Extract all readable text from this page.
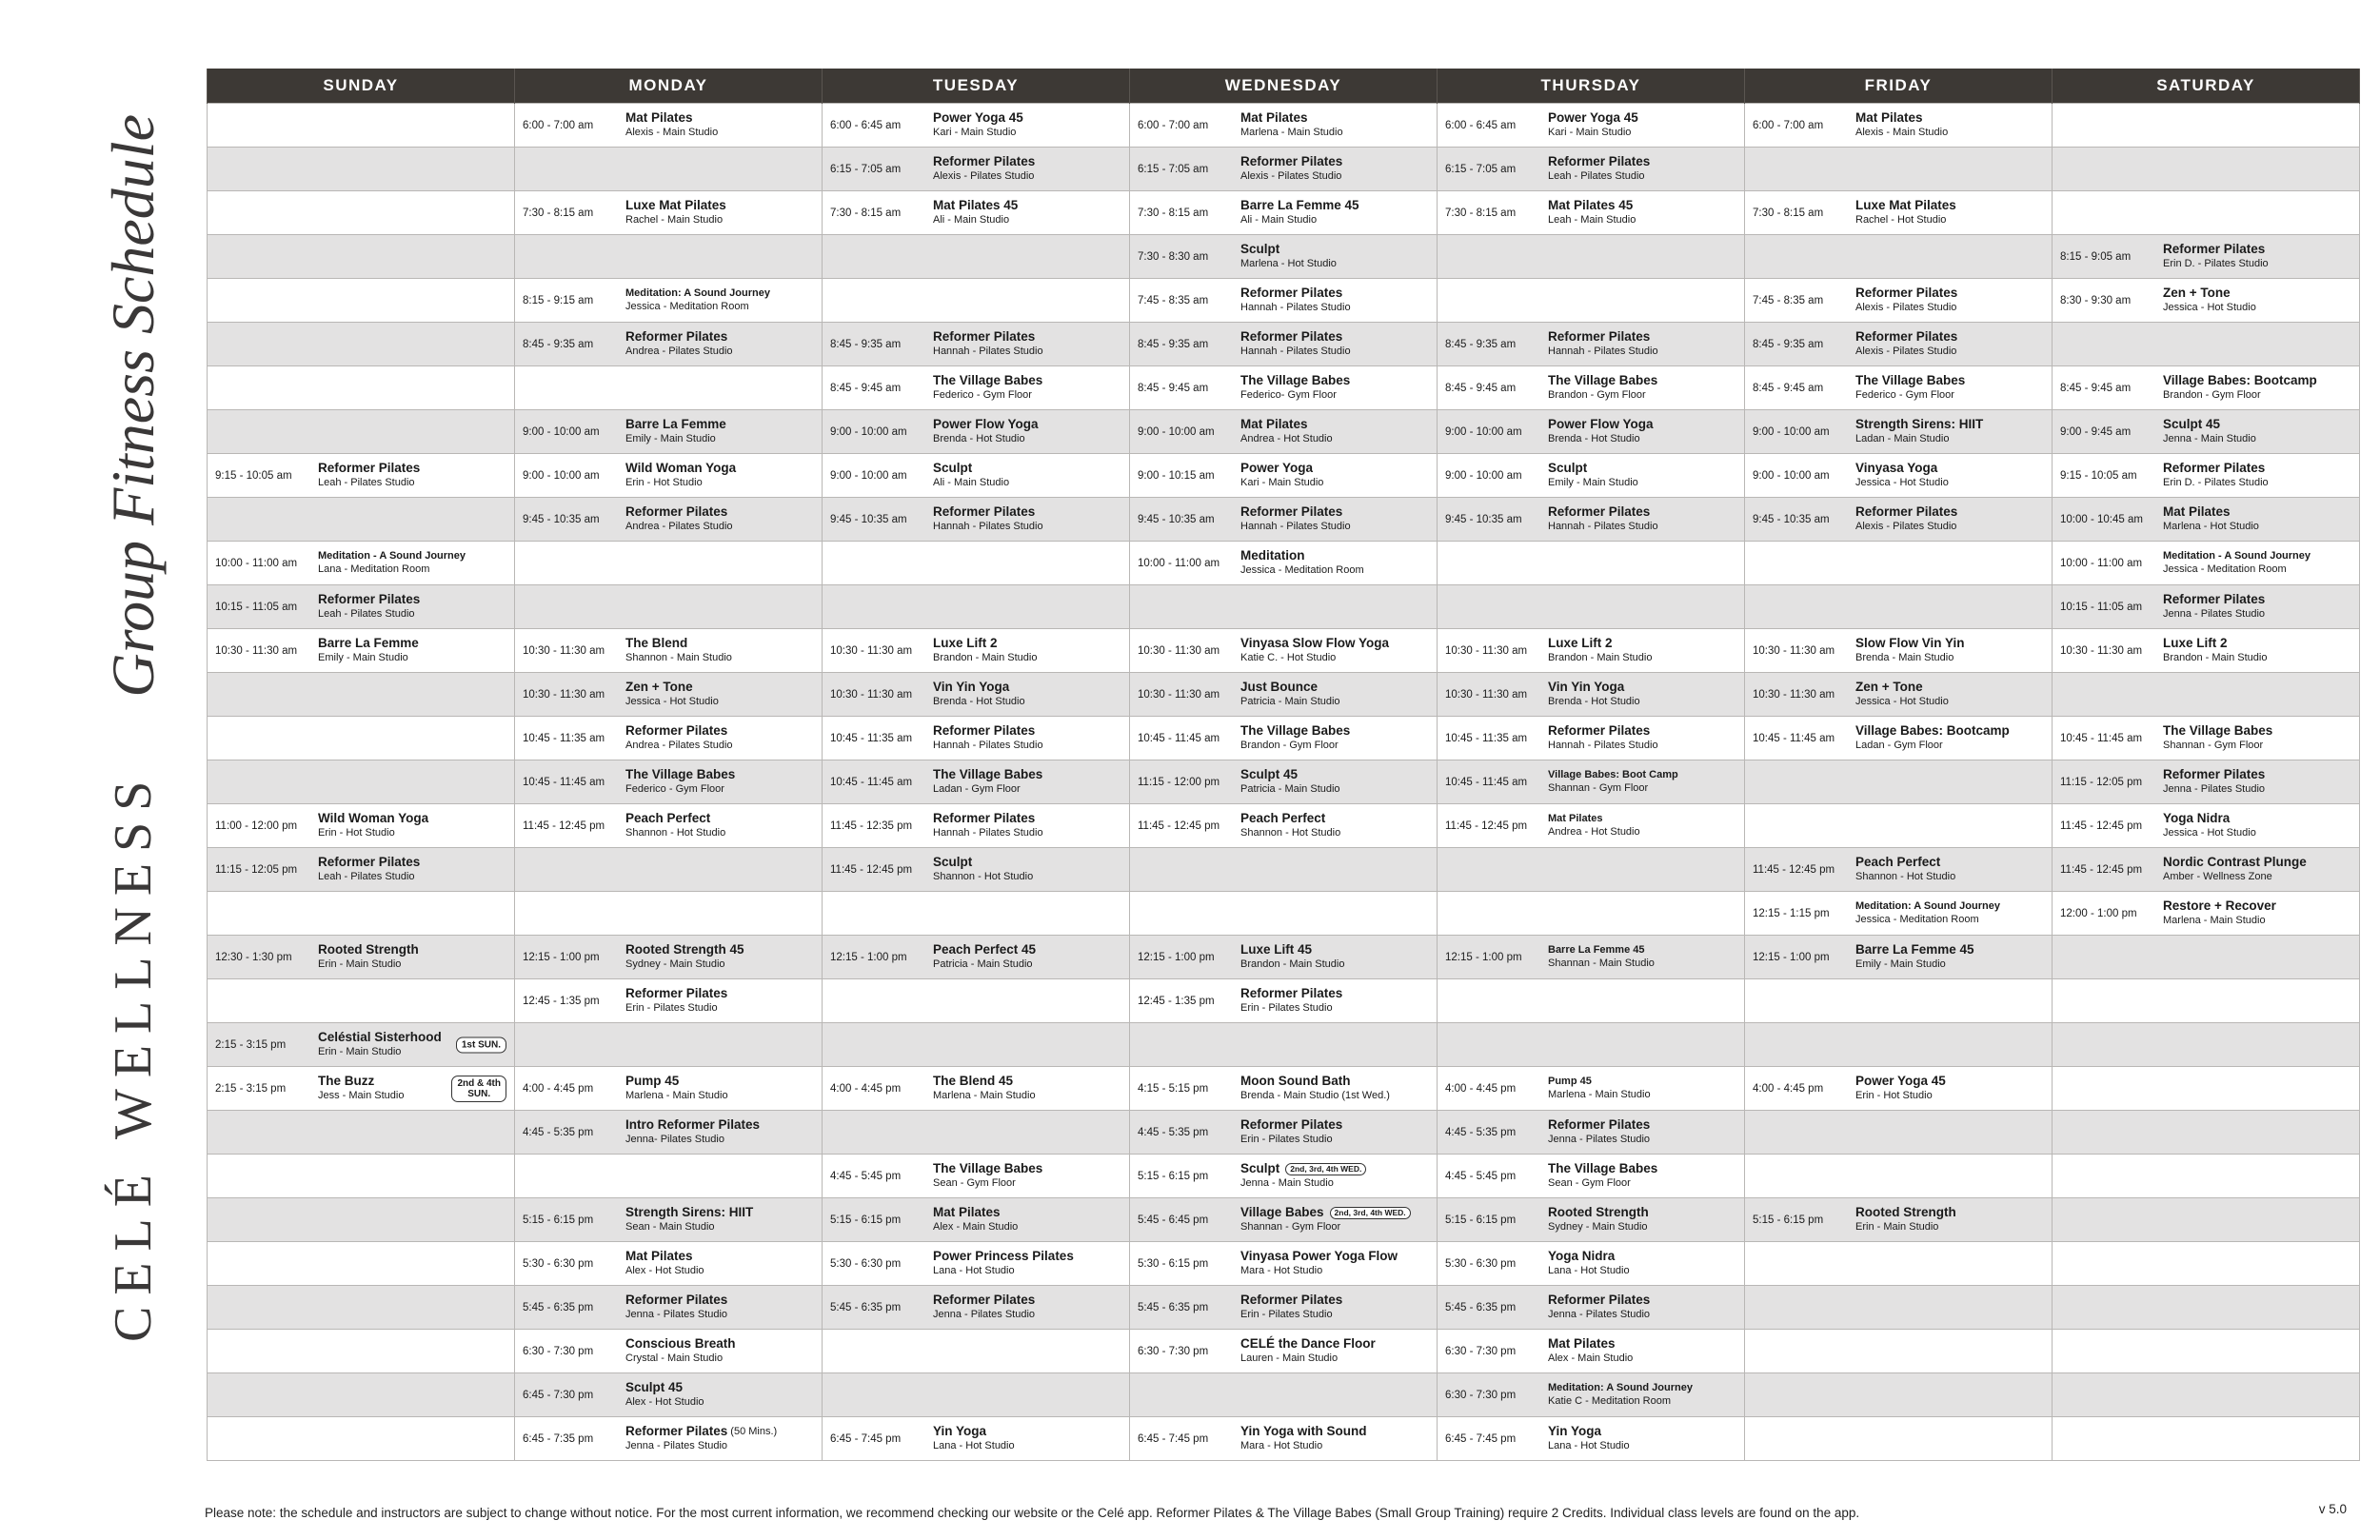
CELÉ WELLNESS
Group Fitness Schedule
SUNDAY	MONDAY	TUESDAY	WEDNESDAY	THURSDAY	FRIDAY	SATURDAY

	6:00 - 7:00 am
Mat Pilates
Alexis - Main Studio	6:00 - 6:45 am
Power Yoga 45
Kari - Main Studio	6:00 - 7:00 am
Mat Pilates
Marlena - Main Studio	6:00 - 6:45 am
Power Yoga 45
Kari - Main Studio	6:00 - 7:00 am
Mat Pilates
Alexis - Main Studio	

		6:15 - 7:05 am
Reformer Pilates
Alexis - Pilates Studio	6:15 - 7:05 am
Reformer Pilates
Alexis - Pilates Studio	6:15 - 7:05 am
Reformer Pilates
Leah - Pilates Studio		

	7:30 - 8:15 am
Luxe Mat Pilates
Rachel - Main Studio	7:30 - 8:15 am
Mat Pilates 45
Ali - Main Studio	7:30 - 8:15 am
Barre La Femme 45
Ali - Main Studio	7:30 - 8:15 am
Mat Pilates 45
Leah - Main Studio	7:30 - 8:15 am
Luxe Mat Pilates
Rachel - Hot Studio	

			7:30 - 8:30 am
Sculpt
Marlena - Hot Studio			8:15 - 9:05 am
Reformer Pilates
Erin D. - Pilates Studio

	8:15 - 9:15 am
Meditation: A Sound Journey
Jessica - Meditation Room		7:45 - 8:35 am
Reformer Pilates
Hannah - Pilates Studio		7:45 - 8:35 am
Reformer Pilates
Alexis - Pilates Studio	8:30 - 9:30 am
Zen + Tone
Jessica - Hot Studio

	8:45 - 9:35 am
Reformer Pilates
Andrea - Pilates Studio	8:45 - 9:35 am
Reformer Pilates
Hannah - Pilates Studio	8:45 - 9:35 am
Reformer Pilates
Hannah - Pilates Studio	8:45 - 9:35 am
Reformer Pilates
Hannah - Pilates Studio	8:45 - 9:35 am
Reformer Pilates
Alexis - Pilates Studio	

		8:45 - 9:45 am
The Village Babes
Federico - Gym Floor	8:45 - 9:45 am
The Village Babes
Federico- Gym Floor	8:45 - 9:45 am
The Village Babes
Brandon - Gym Floor	8:45 - 9:45 am
The Village Babes
Federico - Gym Floor	8:45 - 9:45 am
Village Babes: Bootcamp
Brandon - Gym Floor

	9:00 - 10:00 am
Barre La Femme
Emily - Main Studio	9:00 - 10:00 am
Power Flow Yoga
Brenda - Hot Studio	9:00 - 10:00 am
Mat Pilates
Andrea - Hot Studio	9:00 - 10:00 am
Power Flow Yoga
Brenda - Hot Studio	9:00 - 10:00 am
Strength Sirens: HIIT
Ladan - Main Studio	9:00 - 9:45 am
Sculpt 45
Jenna - Main Studio

9:15 - 10:05 am
Reformer Pilates
Leah - Pilates Studio	9:00 - 10:00 am
Wild Woman Yoga
Erin - Hot Studio	9:00 - 10:00 am
Sculpt
Ali - Main Studio	9:00 - 10:15 am
Power Yoga
Kari - Main Studio	9:00 - 10:00 am
Sculpt
Emily - Main Studio	9:00 - 10:00 am
Vinyasa Yoga
Jessica - Hot Studio	9:15 - 10:05 am
Reformer Pilates
Erin D. - Pilates Studio

	9:45 - 10:35 am
Reformer Pilates
Andrea - Pilates Studio	9:45 - 10:35 am
Reformer Pilates
Hannah - Pilates Studio	9:45 - 10:35 am
Reformer Pilates
Hannah - Pilates Studio	9:45 - 10:35 am
Reformer Pilates
Hannah - Pilates Studio	9:45 - 10:35 am
Reformer Pilates
Alexis - Pilates Studio	10:00 - 10:45 am
Mat Pilates
Marlena - Hot Studio

10:00 - 11:00 am
Meditation - A Sound Journey
Lana - Meditation Room			10:00 - 11:00 am
Meditation
Jessica - Meditation Room			10:00 - 11:00 am
Meditation - A Sound Journey
Jessica - Meditation Room

10:15 - 11:05 am
Reformer Pilates
Leah - Pilates Studio						10:15 - 11:05 am
Reformer Pilates
Jenna - Pilates Studio

10:30 - 11:30 am
Barre La Femme
Emily - Main Studio	10:30 - 11:30 am
The Blend
Shannon - Main Studio	10:30 - 11:30 am
Luxe Lift 2
Brandon - Main Studio	10:30 - 11:30 am
Vinyasa Slow Flow Yoga
Katie C. - Hot Studio	10:30 - 11:30 am
Luxe Lift 2
Brandon - Main Studio	10:30 - 11:30 am
Slow Flow Vin Yin
Brenda - Main Studio	10:30 - 11:30 am
Luxe Lift 2
Brandon - Main Studio

	10:30 - 11:30 am
Zen + Tone
Jessica - Hot Studio	10:30 - 11:30 am
Vin Yin Yoga
Brenda - Hot Studio	10:30 - 11:30 am
Just Bounce
Patricia - Main Studio	10:30 - 11:30 am
Vin Yin Yoga
Brenda - Hot Studio	10:30 - 11:30 am
Zen + Tone
Jessica - Hot Studio	

	10:45 - 11:35 am
Reformer Pilates
Andrea - Pilates Studio	10:45 - 11:35 am
Reformer Pilates
Hannah - Pilates Studio	10:45 - 11:45 am
The Village Babes
Brandon - Gym Floor	10:45 - 11:35 am
Reformer Pilates
Hannah - Pilates Studio	10:45 - 11:45 am
Village Babes: Bootcamp
Ladan - Gym Floor	10:45 - 11:45 am
The Village Babes
Shannan - Gym Floor

	10:45 - 11:45 am
The Village Babes
Federico - Gym Floor	10:45 - 11:45 am
The Village Babes
Ladan - Gym Floor	11:15 - 12:00 pm
Sculpt 45
Patricia - Main Studio	10:45 - 11:45 am
Village Babes: Boot Camp
Shannan - Gym Floor		11:15 - 12:05 pm
Reformer Pilates
Jenna - Pilates Studio

11:00 - 12:00 pm
Wild Woman Yoga
Erin - Hot Studio	11:45 - 12:45 pm
Peach Perfect
Shannon - Hot Studio	11:45 - 12:35 pm
Reformer Pilates
Hannah - Pilates Studio	11:45 - 12:45 pm
Peach Perfect
Shannon - Hot Studio	11:45 - 12:45 pm
Mat Pilates
Andrea - Hot Studio		11:45 - 12:45 pm
Yoga Nidra
Jessica - Hot Studio

11:15 - 12:05 pm
Reformer Pilates
Leah - Pilates Studio		11:45 - 12:45 pm
Sculpt
Shannon - Hot Studio			11:45 - 12:45 pm
Peach Perfect
Shannon - Hot Studio	11:45 - 12:45 pm
Nordic Contrast Plunge
Amber - Wellness Zone

					12:15 - 1:15 pm
Meditation: A Sound Journey
Jessica - Meditation Room	12:00 - 1:00 pm
Restore + Recover
Marlena - Main Studio

12:30 - 1:30 pm
Rooted Strength
Erin - Main Studio	12:15 - 1:00 pm
Rooted Strength 45
Sydney - Main Studio	12:15 - 1:00 pm
Peach Perfect 45
Patricia - Main Studio	12:15 - 1:00 pm
Luxe Lift 45
Brandon - Main Studio	12:15 - 1:00 pm
Barre La Femme 45
Shannan - Main Studio	12:15 - 1:00 pm
Barre La Femme 45
Emily - Main Studio	

	12:45 - 1:35 pm
Reformer Pilates
Erin - Pilates Studio		12:45 - 1:35 pm
Reformer Pilates
Erin - Pilates Studio			

2:15 - 3:15 pm
Celéstial Sisterhood
Erin - Main Studio
1st SUN.						

2:15 - 3:15 pm
The Buzz
Jess - Main Studio
2nd & 4th
SUN.	4:00 - 4:45 pm
Pump 45
Marlena - Main Studio	4:00 - 4:45 pm
The Blend 45
Marlena - Main Studio	4:15 - 5:15 pm
Moon Sound Bath
Brenda - Main Studio (1st Wed.)	4:00 - 4:45 pm
Pump 45
Marlena - Main Studio	4:00 - 4:45 pm
Power Yoga 45
Erin - Hot Studio	

	4:45 - 5:35 pm
Intro Reformer Pilates
Jenna- Pilates Studio		4:45 - 5:35 pm
Reformer Pilates
Erin - Pilates Studio	4:45 - 5:35 pm
Reformer Pilates
Jenna - Pilates Studio		

		4:45 - 5:45 pm
The Village Babes
Sean - Gym Floor	5:15 - 6:15 pm
Sculpt 2nd, 3rd, 4th WED.
Jenna - Main Studio	4:45 - 5:45 pm
The Village Babes
Sean - Gym Floor		

	5:15 - 6:15 pm
Strength Sirens: HIIT
Sean - Main Studio	5:15 - 6:15 pm
Mat Pilates
Alex - Main Studio	5:45 - 6:45 pm
Village Babes 2nd, 3rd, 4th WED.
Shannan - Gym Floor	5:15 - 6:15 pm
Rooted Strength
Sydney - Main Studio	5:15 - 6:15 pm
Rooted Strength
Erin - Main Studio	

	5:30 - 6:30 pm
Mat Pilates
Alex - Hot Studio	5:30 - 6:30 pm
Power Princess Pilates
Lana - Hot Studio	5:30 - 6:15 pm
Vinyasa Power Yoga Flow
Mara - Hot Studio	5:30 - 6:30 pm
Yoga Nidra
Lana - Hot Studio		

	5:45 - 6:35 pm
Reformer Pilates
Jenna - Pilates Studio	5:45 - 6:35 pm
Reformer Pilates
Jenna - Pilates Studio	5:45 - 6:35 pm
Reformer Pilates
Erin - Pilates Studio	5:45 - 6:35 pm
Reformer Pilates
Jenna - Pilates Studio		

	6:30 - 7:30 pm
Conscious Breath
Crystal - Main Studio		6:30 - 7:30 pm
CELÉ the Dance Floor
Lauren - Main Studio	6:30 - 7:30 pm
Mat Pilates
Alex - Main Studio		

	6:45 - 7:30 pm
Sculpt 45
Alex - Hot Studio			6:30 - 7:30 pm
Meditation: A Sound Journey
Katie C - Meditation Room		

	6:45 - 7:35 pm
Reformer Pilates (50 Mins.)
Jenna - Pilates Studio	6:45 - 7:45 pm
Yin Yoga
Lana - Hot Studio	6:45 - 7:45 pm
Yin Yoga with Sound
Mara - Hot Studio	6:45 - 7:45 pm
Yin Yoga
Lana - Hot Studio		

Please note: the schedule and instructors are subject to change without notice. For the most current information, we recommend checking our website or the Celé app. Reformer Pilates & The Village Babes (Small Group Training) require 2 Credits. Individual class levels are found on the app.	v 5.0
